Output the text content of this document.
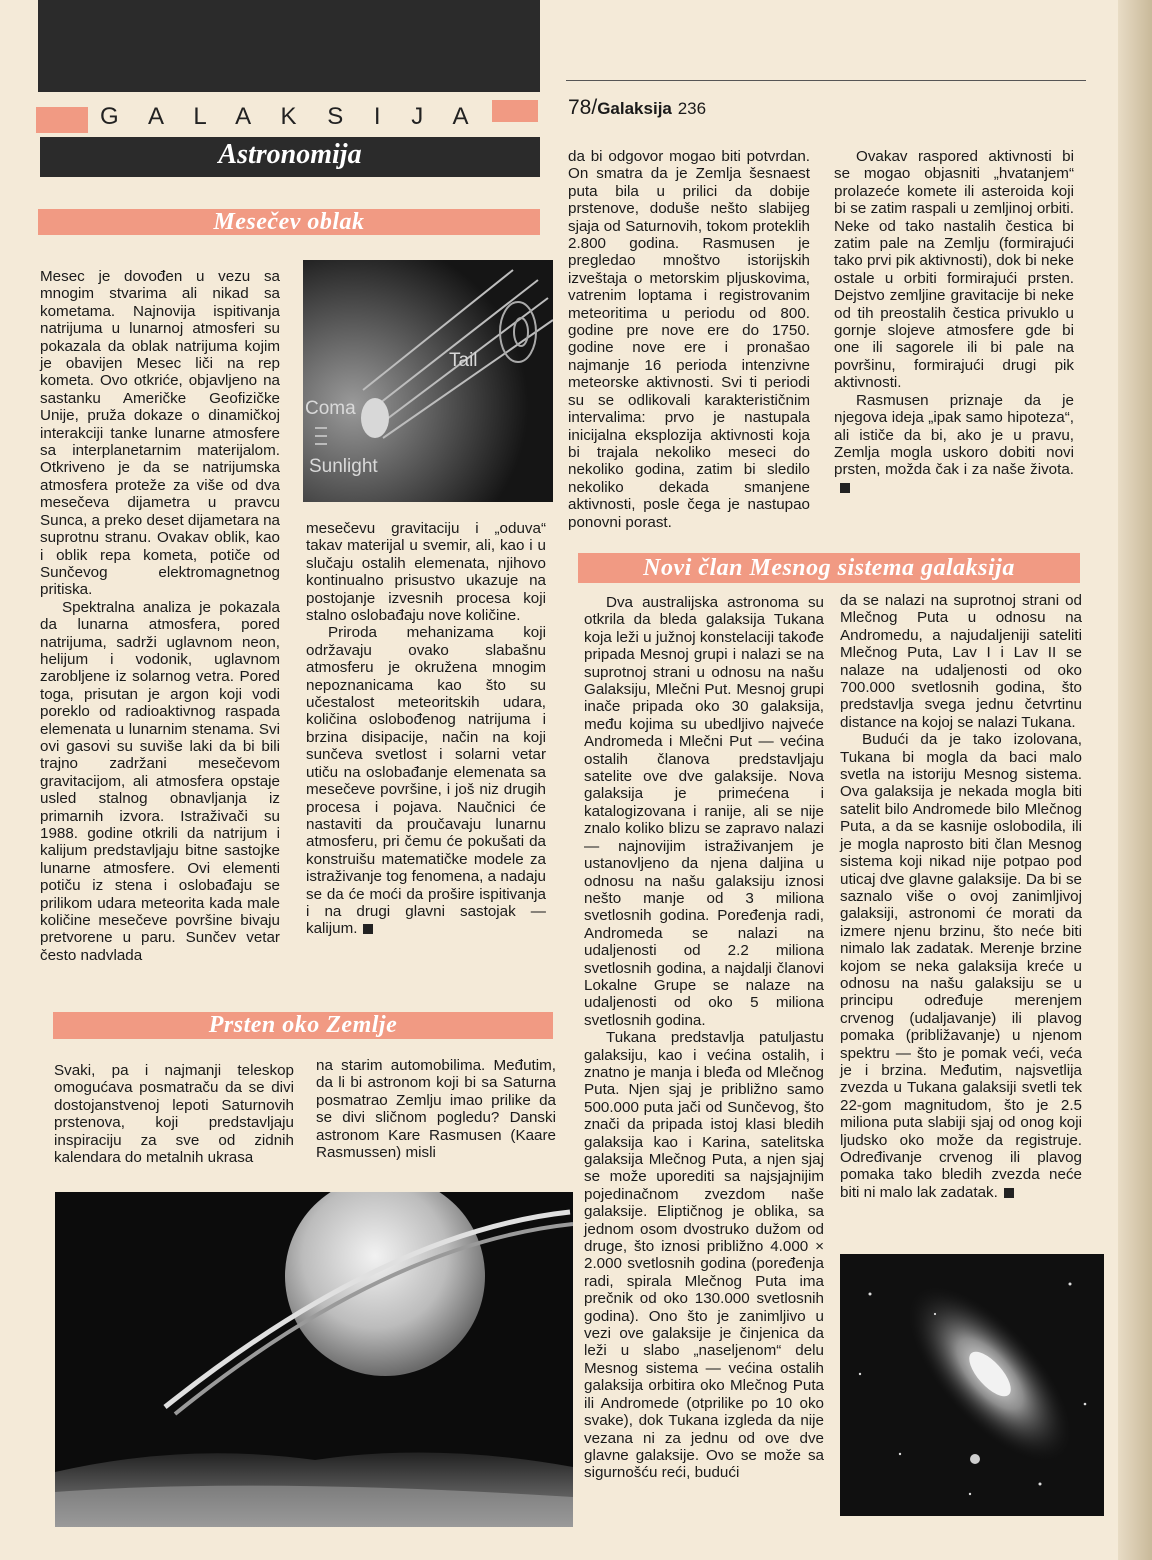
G A L A K S I J A	78/Galaksija 236
Astronomija
Mesečev oblak

Mesec je dovođen u vezu sa mnogim stvarima ali nikad sa kometama. Najnovija ispitivanja natrijuma u lunarnoj atmosferi su pokazala da oblak natrijuma kojim je obavijen Mesec liči na rep kometa. Ovo otkriće, objavljeno na sastanku Američke Geofizičke Unije, pruža dokaze o dinamičkoj interakciji tanke lunarne atmosfere sa interplanetarnim materijalom. Otkriveno je da se natrijumska atmosfera proteže za više od dva mesečeva dijametra u pravcu Sunca, a preko deset dijametara na suprotnu stranu. Ovakav oblik, kao i oblik repa kometa, potiče od Sunčevog elektromagnetnog pritiska.

Spektralna analiza je pokazala da lunarna atmosfera, pored natrijuma, sadrži uglavnom neon, helijum i vodonik, uglavnom zarobljene iz solarnog vetra. Pored toga, prisutan je argon koji vodi poreklo od radioaktivnog raspada elemenata u lunarnim stenama. Svi ovi gasovi su suviše laki da bi bili trajno zadržani mesečevom gravitacijom, ali atmosfera opstaje usled stalnog obnavljanja iz primarnih izvora. Istraživači su 1988. godine otkrili da natrijum i kalijum predstavljaju bitne sastojke lunarne atmosfere. Ovi elementi potiču iz stena i oslobađaju se prilikom udara meteorita kada male količine mesečeve površine bivaju pretvorene u paru. Sunčev vetar često nadvlada

Tail
Coma
Sunlight

mesečevu gravitaciju i „oduva“ takav materijal u svemir, ali, kao i u slučaju ostalih elemenata, njihovo kontinualno prisustvo ukazuje na postojanje izvesnih procesa koji stalno oslobađaju nove količine.

Priroda mehanizama koji održavaju ovako slabašnu atmosferu je okružena mnogim nepoznanicama kao što su učestalost meteoritskih udara, količina oslobođenog natrijuma i brzina disipacije, način na koji sunčeva svetlost i solarni vetar utiču na oslobađanje elemenata sa mesečeve površine, i još niz drugih procesa i pojava. Naučnici će nastaviti da proučavaju lunarnu atmosferu, pri čemu će pokušati da konstruišu matematičke modele za istraživanje tog fenomena, a nadaju se da će moći da prošire ispitivanja i na drugi glavni sastojak — kalijum.

Prsten oko Zemlje

Svaki, pa i najmanji teleskop omogućava posmatraču da se divi dostojanstvenoj lepoti Saturnovih prstenova, koji predstavljaju inspiraciju za sve od zidnih kalendara do metalnih ukrasa

na starim automobilima. Međutim, da li bi astronom koji bi sa Saturna posmatrao Zemlju imao prilike da se divi sličnom pogledu? Danski astronom Kare Rasmusen (Kaare Rasmussen) misli

da bi odgovor mogao biti potvrdan. On smatra da je Zemlja šesnaest puta bila u prilici da dobije prstenove, doduše nešto slabijeg sjaja od Saturnovih, tokom proteklih 2.800 godina. Rasmusen je pregledao mnoštvo istorijskih izveštaja o metorskim pljuskovima, vatrenim loptama i registrovanim meteoritima u periodu od 800. godine pre nove ere do 1750. godine nove ere i pronašao najmanje 16 perioda intenzivne meteorske aktivnosti. Svi ti periodi su se odlikovali karakterističnim intervalima: prvo je nastupala inicijalna eksplozija aktivnosti koja bi trajala nekoliko meseci do nekoliko godina, zatim bi sledilo nekoliko dekada smanjene aktivnosti, posle čega je nastupao ponovni porast.

Ovakav raspored aktivnosti bi se mogao objasniti „hvatanjem“ prolazeće komete ili asteroida koji bi se zatim raspali u zemljinoj orbiti. Neke od tako nastalih čestica bi zatim pale na Zemlju (formirajući tako prvi pik aktivnosti), dok bi neke ostale u orbiti formirajući prsten. Dejstvo zemljine gravitacije bi neke od tih preostalih čestica privuklo u gornje slojeve atmosfere gde bi one ili sagorele ili bi pale na površinu, formirajući drugi pik aktivnosti.

Rasmusen priznaje da je njegova ideja „ipak samo hipoteza“, ali ističe da bi, ako je u pravu, Zemlja mogla uskoro dobiti novi prsten, možda čak i za naše života.

Novi član Mesnog sistema galaksija

Dva australijska astronoma su otkrila da bleda galaksija Tukana koja leži u južnoj konstelaciji takođe pripada Mesnoj grupi i nalazi se na suprotnoj strani u odnosu na našu Galaksiju, Mlečni Put. Mesnoj grupi inače pripada oko 30 galaksija, među kojima su ubedljivo najveće Andromeda i Mlečni Put — većina ostalih članova predstavljaju satelite ove dve galaksije. Nova galaksija je primećena i katalogizovana i ranije, ali se nije znalo koliko blizu se zapravo nalazi — najnovijim istraživanjem je ustanovljeno da njena daljina u odnosu na našu galaksiju iznosi nešto manje od 3 miliona svetlosnih godina. Poređenja radi, Andromeda se nalazi na udaljenosti od 2.2 miliona svetlosnih godina, a najdalji članovi Lokalne Grupe se nalaze na udaljenosti od oko 5 miliona svetlosnih godina.

Tukana predstavlja patuljastu galaksiju, kao i većina ostalih, i znatno je manja i bleđa od Mlečnog Puta. Njen sjaj je približno samo 500.000 puta jači od Sunčevog, što znači da pripada istoj klasi bledih galaksija kao i Karina, satelitska galaksija Mlečnog Puta, a njen sjaj se može uporediti sa najsjajnijim pojedinačnom zvezdom naše galaksije. Eliptičnog je oblika, sa jednom osom dvostruko dužom od druge, što iznosi približno 4.000 × 2.000 svetlosnih godina (poređenja radi, spirala Mlečnog Puta ima prečnik od oko 130.000 svetlosnih godina). Ono što je zanimljivo u vezi ove galaksije je činjenica da leži u slabo „naseljenom“ delu Mesnog sistema — većina ostalih galaksija orbitira oko Mlečnog Puta ili Andromede (otprilike po 10 oko svake), dok Tukana izgleda da nije vezana ni za jednu od ove dve glavne galaksije. Ovo se može sa sigurnošću reći, budući

da se nalazi na suprotnoj strani od Mlečnog Puta u odnosu na Andromedu, a najudaljeniji sateliti Mlečnog Puta, Lav I i Lav II se nalaze na udaljenosti od oko 700.000 svetlosnih godina, što predstavlja svega jednu četvrtinu distance na kojoj se nalazi Tukana.

Budući da je tako izolovana, Tukana bi mogla da baci malo svetla na istoriju Mesnog sistema. Ova galaksija je nekada mogla biti satelit bilo Andromede bilo Mlečnog Puta, a da se kasnije oslobodila, ili je mogla naprosto biti član Mesnog sistema koji nikad nije potpao pod uticaj dve glavne galaksije. Da bi se saznalo više o ovoj zanimljivoj galaksiji, astronomi će morati da izmere njenu brzinu, što neće biti nimalo lak zadatak. Merenje brzine kojom se neka galaksija kreće u odnosu na našu galaksiju se u principu određuje merenjem crvenog (udaljavanje) ili plavog pomaka (približavanje) u njenom spektru — što je pomak veći, veća je i brzina. Međutim, najsvetlija zvezda u Tukana galaksiji svetli tek 22-gom magnitudom, što je 2.5 miliona puta slabiji sjaj od onog koji ljudsko oko može da registruje. Određivanje crvenog ili plavog pomaka tako bledih zvezda neće biti ni malo lak zadatak.
